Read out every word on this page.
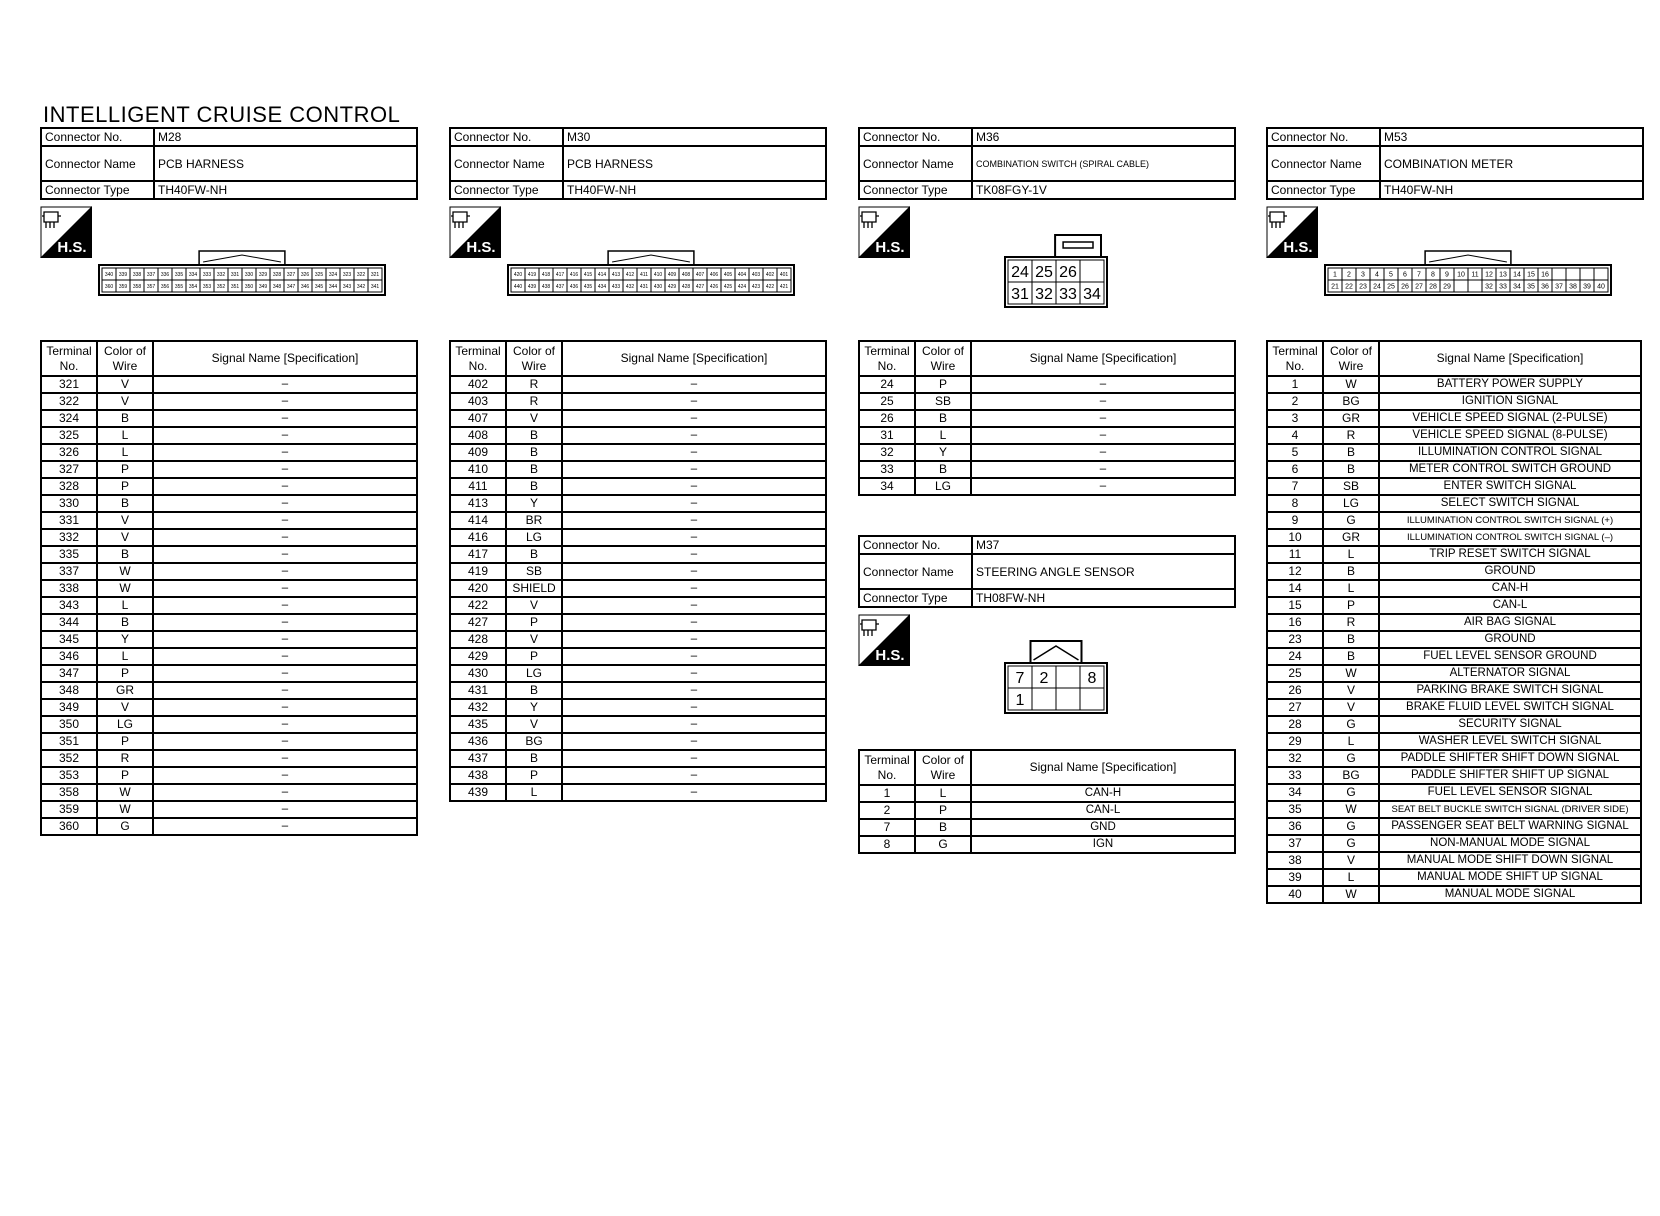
INTELLIGENT CRUISE CONTROL
Connector No.	M28
Connector Name	PCB HARNESS
Connector Type	TH40FW-NH
H.S.
340 339 338 337 336 335 334 333 332 331 330 329 328 327 326 325 324 323 322 321
360 359 358 357 356 355 354 353 352 351 350 349 348 347 346 345 344 343 342 341
Terminal No.	Color of Wire	Signal Name [Specification]
321	V	–
322	V	–
324	B	–
325	L	–
326	L	–
327	P	–
328	P	–
330	B	–
331	V	–
332	V	–
335	B	–
337	W	–
338	W	–
343	L	–
344	B	–
345	Y	–
346	L	–
347	P	–
348	GR	–
349	V	–
350	LG	–
351	P	–
352	R	–
353	P	–
358	W	–
359	W	–
360	G	–
Connector No.	M30
Connector Name	PCB HARNESS
Connector Type	TH40FW-NH
H.S.
420 419 418 417 416 415 414 413 412 411 410 409 408 407 406 405 404 403 402 401
440 439 438 437 436 435 434 433 432 431 430 429 428 427 426 425 424 423 422 421
Terminal No.	Color of Wire	Signal Name [Specification]
402	R	–
403	R	–
407	V	–
408	B	–
409	B	–
410	B	–
411	B	–
413	Y	–
414	BR	–
416	LG	–
417	B	–
419	SB	–
420	SHIELD	–
422	V	–
427	P	–
428	V	–
429	P	–
430	LG	–
431	B	–
432	Y	–
435	V	–
436	BG	–
437	B	–
438	P	–
439	L	–
Connector No.	M36
Connector Name	COMBINATION SWITCH (SPIRAL CABLE)
Connector Type	TK08FGY-1V
H.S.
24 25 26
31 32 33 34
Terminal No.	Color of Wire	Signal Name [Specification]
24	P	–
25	SB	–
26	B	–
31	L	–
32	Y	–
33	B	–
34	LG	–
Connector No.	M37
Connector Name	STEERING ANGLE SENSOR
Connector Type	TH08FW-NH
H.S.
7 2 8
1
Terminal No.	Color of Wire	Signal Name [Specification]
1	L	CAN-H
2	P	CAN-L
7	B	GND
8	G	IGN
Connector No.	M53
Connector Name	COMBINATION METER
Connector Type	TH40FW-NH
H.S.
1 2 3 4 5 6 7 8 9 10 11 12 13 14 15 16
21 22 23 24 25 26 27 28 29	32 33 34 35 36 37 38 39 40
Terminal No.	Color of Wire	Signal Name [Specification]
1	W	BATTERY POWER SUPPLY
2	BG	IGNITION SIGNAL
3	GR	VEHICLE SPEED SIGNAL (2-PULSE)
4	R	VEHICLE SPEED SIGNAL (8-PULSE)
5	B	ILLUMINATION CONTROL SIGNAL
6	B	METER CONTROL SWITCH GROUND
7	SB	ENTER SWITCH SIGNAL
8	LG	SELECT SWITCH SIGNAL
9	G	ILLUMINATION CONTROL SWITCH SIGNAL (+)
10	GR	ILLUMINATION CONTROL SWITCH SIGNAL (–)
11	L	TRIP RESET SWITCH SIGNAL
12	B	GROUND
14	L	CAN-H
15	P	CAN-L
16	R	AIR BAG SIGNAL
23	B	GROUND
24	B	FUEL LEVEL SENSOR GROUND
25	W	ALTERNATOR SIGNAL
26	V	PARKING BRAKE SWITCH SIGNAL
27	V	BRAKE FLUID LEVEL SWITCH SIGNAL
28	G	SECURITY SIGNAL
29	L	WASHER LEVEL SWITCH SIGNAL
32	G	PADDLE SHIFTER SHIFT DOWN SIGNAL
33	BG	PADDLE SHIFTER SHIFT UP SIGNAL
34	G	FUEL LEVEL SENSOR SIGNAL
35	W	SEAT BELT BUCKLE SWITCH SIGNAL (DRIVER SIDE)
36	G	PASSENGER SEAT BELT WARNING SIGNAL
37	G	NON-MANUAL MODE SIGNAL
38	V	MANUAL MODE SHIFT DOWN SIGNAL
39	L	MANUAL MODE SHIFT UP SIGNAL
40	W	MANUAL MODE SIGNAL
